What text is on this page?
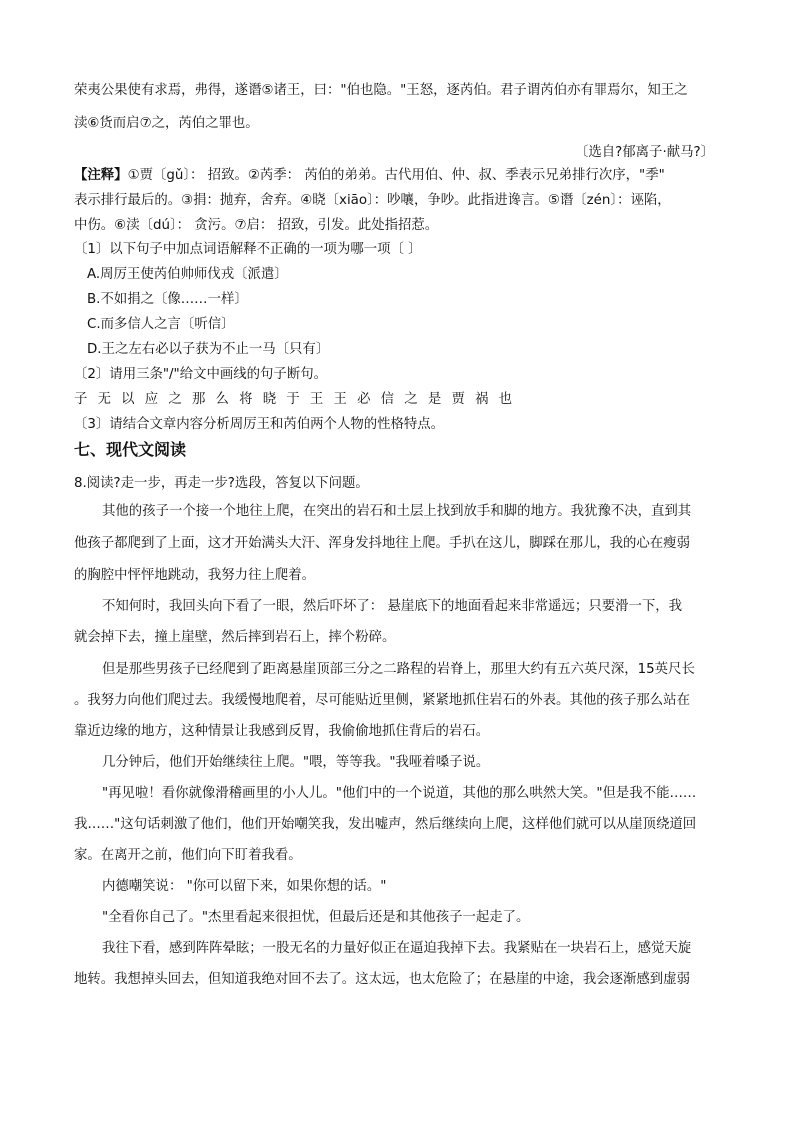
荣夷公果使有求焉，弗得，遂谮⑤诸王，曰："伯也隐。"王怒，逐芮伯。君子谓芮伯亦有罪焉尔，知王之
渎⑥货而启⑦之，芮伯之罪也。
〔选自?郁离子·献马?〕
【注释】①贾〔gǔ〕： 招致。②芮季： 芮伯的弟弟。古代用伯、仲、叔、季表示兄弟排行次序，"季"
表示排行最后的。③捐：抛弃，舍弃。④晓〔xiāo〕：吵嚷，争吵。此指进谗言。⑤谮〔zén〕：诬陷，
中伤。⑥渎〔dú〕： 贪污。⑦启： 招致，引发。此处指招惹。
〔1〕以下句子中加点词语解释不正确的一项为哪一项〔 〕
A.周厉王使芮伯帅师伐戎〔派遣〕
B.不如捐之〔像……一样〕
C.而多信人之言〔听信〕
D.王之左右必以子获为不止一马〔只有〕
〔2〕请用三条"/"给文中画线的句子断句。
子无以应之那么将晓于王王必信之是贾祸也
〔3〕请结合文章内容分析周厉王和芮伯两个人物的性格特点。
七、现代文阅读
8.阅读?走一步，再走一步?选段，答复以下问题。
其他的孩子一个接一个地往上爬，在突出的岩石和土层上找到放手和脚的地方。我犹豫不决，直到其
他孩子都爬到了上面，这才开始满头大汗、浑身发抖地往上爬。手扒在这儿，脚踩在那儿，我的心在瘦弱
的胸腔中怦怦地跳动，我努力往上爬着。
不知何时，我回头向下看了一眼，然后吓坏了： 悬崖底下的地面看起来非常遥远；只要滑一下，我
就会掉下去，撞上崖壁，然后摔到岩石上，摔个粉碎。
但是那些男孩子已经爬到了距离悬崖顶部三分之二路程的岩脊上，那里大约有五六英尺深，15英尺长
。我努力向他们爬过去。我缓慢地爬着，尽可能贴近里侧，紧紧地抓住岩石的外表。其他的孩子那么站在
靠近边缘的地方，这种情景让我感到反胃，我偷偷地抓住背后的岩石。
几分钟后，他们开始继续往上爬。"喂，等等我。"我哑着嗓子说。
"再见啦！看你就像滑稽画里的小人儿。"他们中的一个说道，其他的那么哄然大笑。"但是我不能……
我……"这句话刺激了他们，他们开始嘲笑我，发出嘘声，然后继续向上爬，这样他们就可以从崖顶绕道回
家。在离开之前，他们向下盯着我看。
内德嘲笑说： "你可以留下来，如果你想的话。"
"全看你自己了。"杰里看起来很担忧，但最后还是和其他孩子一起走了。
我往下看，感到阵阵晕眩；一股无名的力量好似正在逼迫我掉下去。我紧贴在一块岩石上，感觉天旋
地转。我想掉头回去，但知道我绝对回不去了。这太远，也太危险了；在悬崖的中途，我会逐渐感到虚弱
